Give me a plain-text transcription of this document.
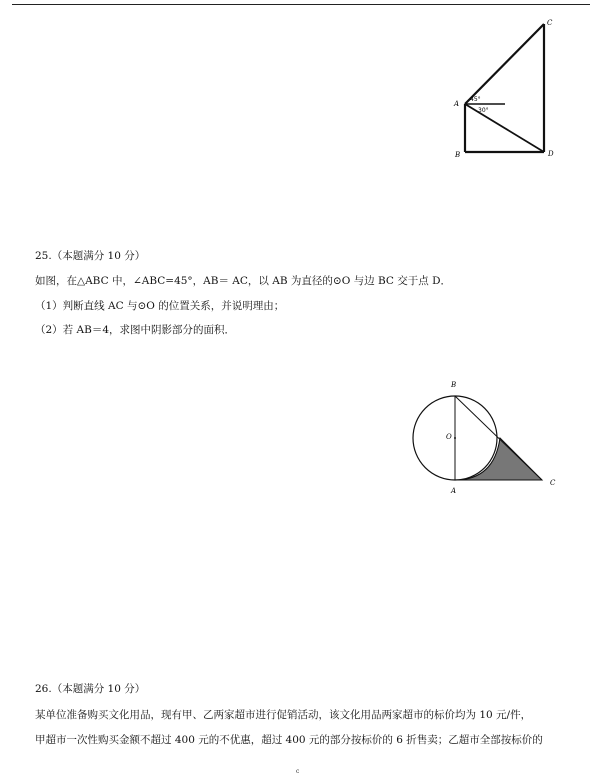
A
B
C
D
45°
30°
25.（本题满分 10 分）
如图，在△ABC 中，∠ABC=45°，AB＝ AC，以 AB 为直径的⊙O 与边 BC 交于点 D．
（1）判断直线 AC 与⊙O 的位置关系，并说明理由；
（2）若 AB＝4，求图中阴影部分的面积．
B
O
A
C
26.（本题满分 10 分）
某单位准备购买文化用品，现有甲、乙两家超市进行促销活动，该文化用品两家超市的标价均为 10 元/件，
甲超市一次性购买金额不超过 400 元的不优惠，超过 400 元的部分按标价的 6 折售卖；乙超市全部按标价的
c
